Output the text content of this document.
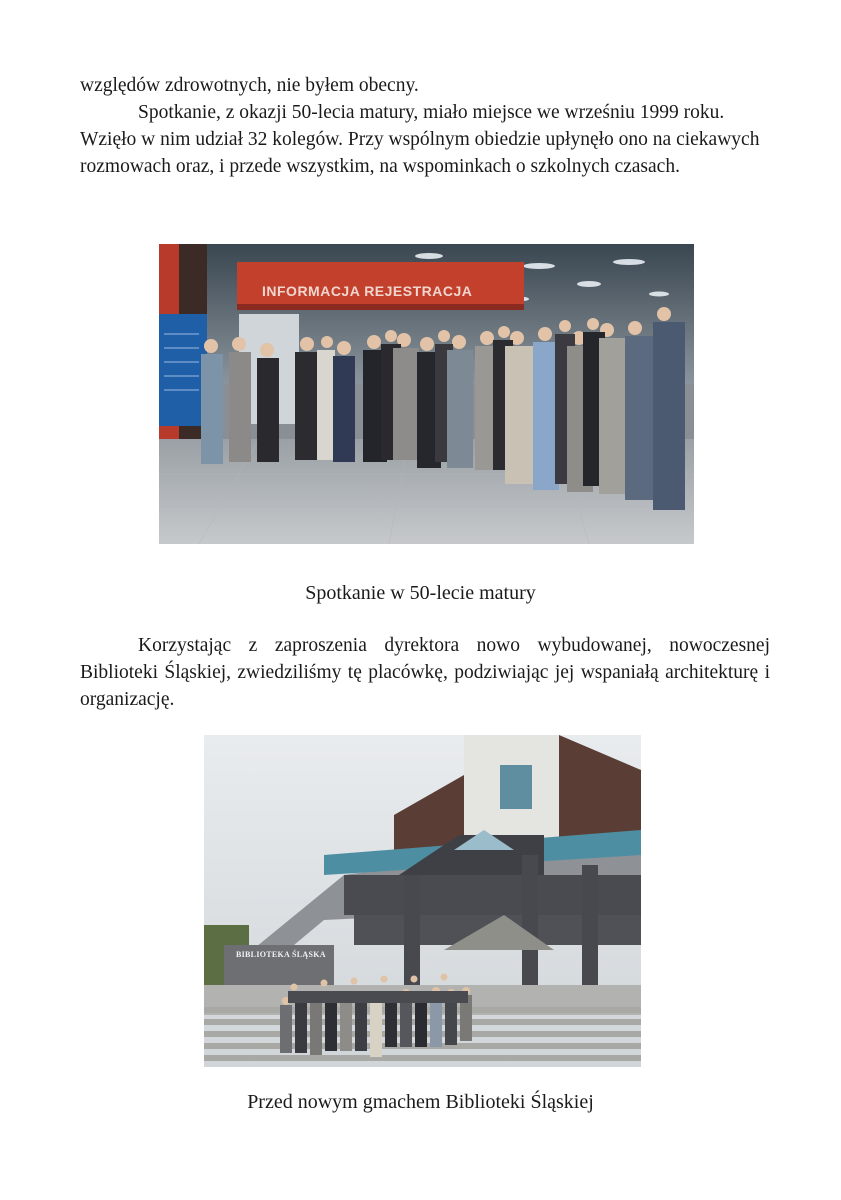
względów zdrowotnych, nie byłem obecny.

Spotkanie, z okazji 50-lecia matury, miało miejsce we wrześniu 1999 roku. Wzięło w nim udział 32 kolegów. Przy wspólnym obiedzie upłynęło ono na ciekawych rozmowach oraz, i przede wszystkim, na wspominkach o szkolnych czasach.

INFORMACJA REJESTRACJA
Spotkanie w 50-lecie matury

Korzystając z zaproszenia dyrektora nowo wybudowanej, nowoczesnej Biblioteki Śląskiej, zwiedziliśmy tę placówkę, podziwiając jej wspaniałą architekturę i organizację.

BIBLIOTEKA ŚLĄSKA
Przed nowym gmachem Biblioteki Śląskiej
